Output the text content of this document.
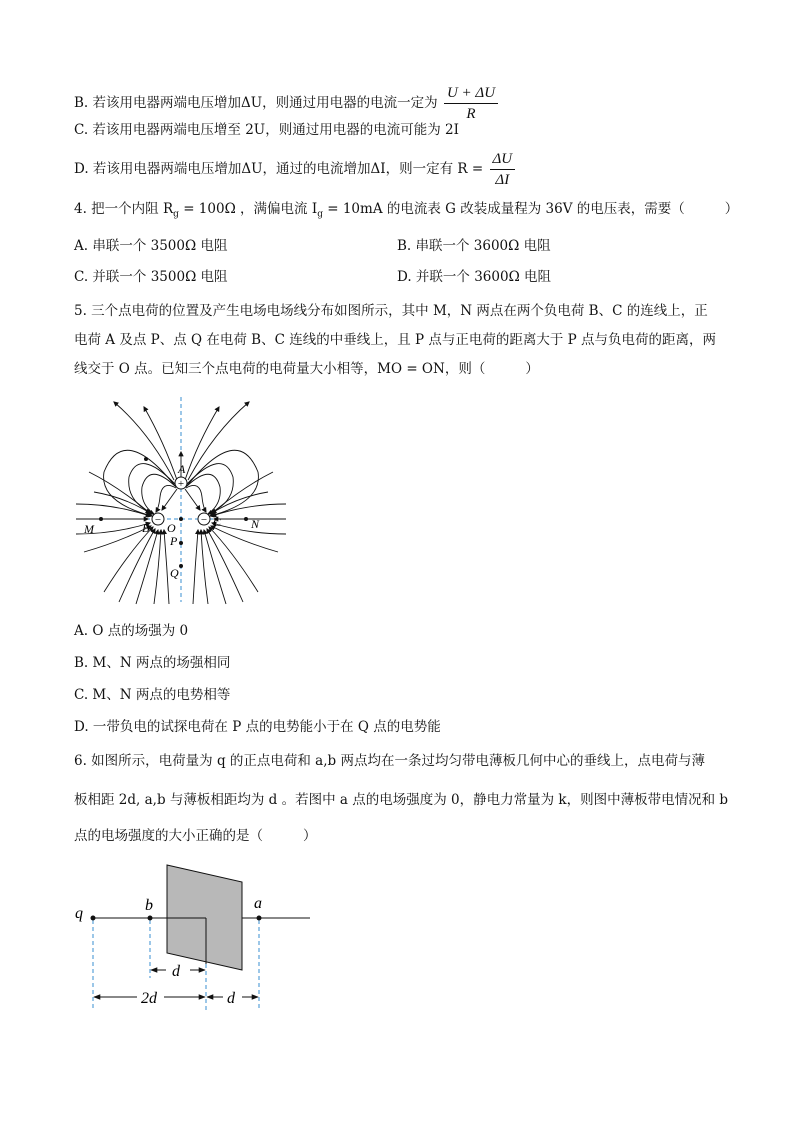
B. 若该用电器两端电压增加ΔU，则通过用电器的电流一定为 $\frac{U + \Delta U}{R}$
C. 若该用电器两端电压增至 2U，则通过用电器的电流可能为 2I
D. 若该用电器两端电压增加ΔU，通过的电流增加ΔI，则一定有 $R = \frac{\Delta U}{\Delta I}$
4. 把一个内阻 $R_g = 100\Omega$ ，满偏电流 $I_g = 10mA$ 的电流表 G 改装成量程为 36V 的电压表，需要（	）
A. 串联一个 3500Ω 电阻	B. 串联一个 3600Ω 电阻
C. 并联一个 3500Ω 电阻	D. 并联一个 3600Ω 电阻
5. 三个点电荷的位置及产生电场电场线分布如图所示，其中 M，N 两点在两个负电荷 B、C 的连线上，正
电荷 A 及点 P、点 Q 在电荷 B、C 连线的中垂线上，且 P 点与正电荷的距离大于 P 点与负电荷的距离，两
线交于 O 点。已知三个点电荷的电荷量大小相等，MO = ON，则（	）
+
−	−
A
B	C
O
M	N
P
Q
A. O 点的场强为 0
B. M、N 两点的场强相同
C. M、N 两点的电势相等
D. 一带负电的试探电荷在 P 点的电势能小于在 Q 点的电势能
6. 如图所示，电荷量为 q 的正点电荷和 a,b 两点均在一条过均匀带电薄板几何中心的垂线上，点电荷与薄
板相距 2d, a,b 与薄板相距均为 d 。若图中 a 点的电场强度为 0，静电力常量为 k，则图中薄板带电情况和 b
点的电场强度的大小正确的是（	）
q	b	a
d
2d	d
